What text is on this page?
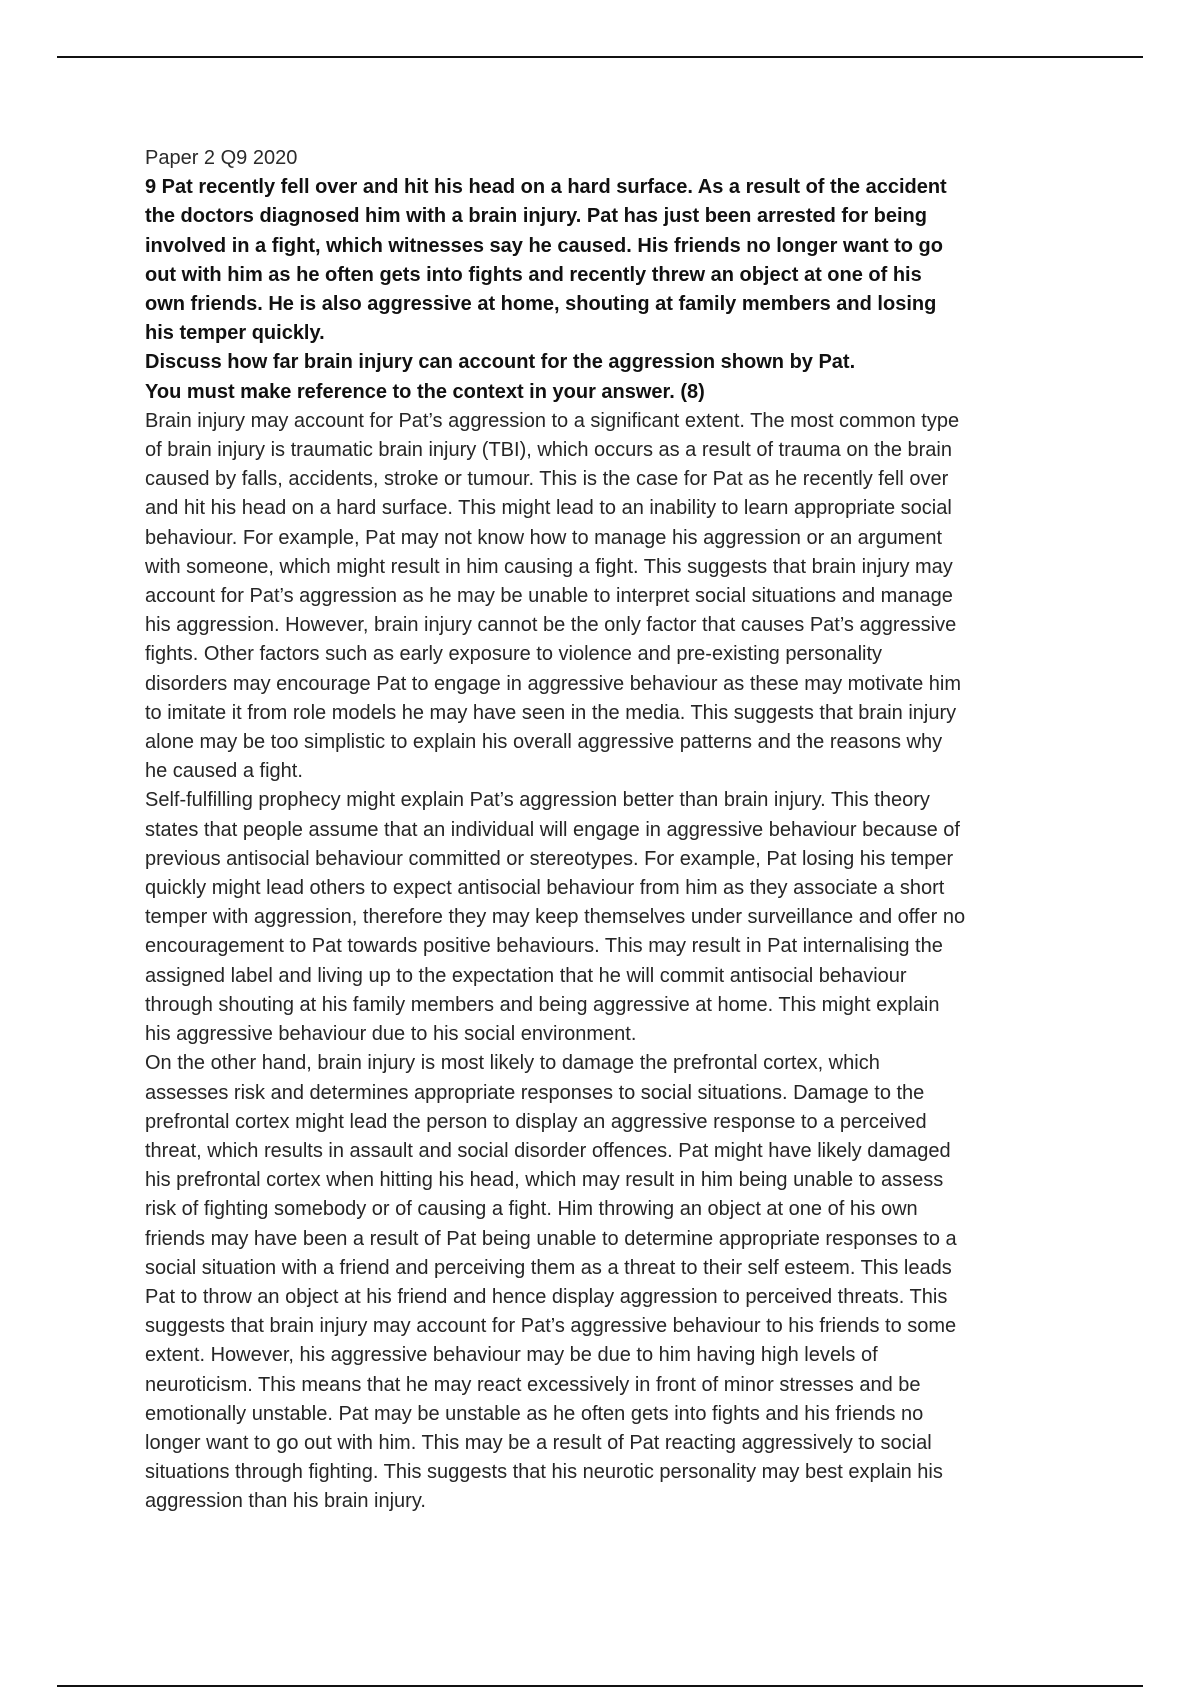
Paper 2 Q9 2020
9 Pat recently fell over and hit his head on a hard surface. As a result of the accident
the doctors diagnosed him with a brain injury. Pat has just been arrested for being
involved in a fight, which witnesses say he caused. His friends no longer want to go
out with him as he often gets into fights and recently threw an object at one of his
own friends. He is also aggressive at home, shouting at family members and losing
his temper quickly.
Discuss how far brain injury can account for the aggression shown by Pat.
You must make reference to the context in your answer. (8)
Brain injury may account for Pat’s aggression to a significant extent. The most common type
of brain injury is traumatic brain injury (TBI), which occurs as a result of trauma on the brain
caused by falls, accidents, stroke or tumour. This is the case for Pat as he recently fell over
and hit his head on a hard surface. This might lead to an inability to learn appropriate social
behaviour. For example, Pat may not know how to manage his aggression or an argument
with someone, which might result in him causing a fight. This suggests that brain injury may
account for Pat’s aggression as he may be unable to interpret social situations and manage
his aggression. However, brain injury cannot be the only factor that causes Pat’s aggressive
fights. Other factors such as early exposure to violence and pre-existing personality
disorders may encourage Pat to engage in aggressive behaviour as these may motivate him
to imitate it from role models he may have seen in the media. This suggests that brain injury
alone may be too simplistic to explain his overall aggressive patterns and the reasons why
he caused a fight.
Self-fulfilling prophecy might explain Pat’s aggression better than brain injury. This theory
states that people assume that an individual will engage in aggressive behaviour because of
previous antisocial behaviour committed or stereotypes. For example, Pat losing his temper
quickly might lead others to expect antisocial behaviour from him as they associate a short
temper with aggression, therefore they may keep themselves under surveillance and offer no
encouragement to Pat towards positive behaviours. This may result in Pat internalising the
assigned label and living up to the expectation that he will commit antisocial behaviour
through shouting at his family members and being aggressive at home. This might explain
his aggressive behaviour due to his social environment.
On the other hand, brain injury is most likely to damage the prefrontal cortex, which
assesses risk and determines appropriate responses to social situations. Damage to the
prefrontal cortex might lead the person to display an aggressive response to a perceived
threat, which results in assault and social disorder offences. Pat might have likely damaged
his prefrontal cortex when hitting his head, which may result in him being unable to assess
risk of fighting somebody or of causing a fight. Him throwing an object at one of his own
friends may have been a result of Pat being unable to determine appropriate responses to a
social situation with a friend and perceiving them as a threat to their self esteem. This leads
Pat to throw an object at his friend and hence display aggression to perceived threats. This
suggests that brain injury may account for Pat’s aggressive behaviour to his friends to some
extent. However, his aggressive behaviour may be due to him having high levels of
neuroticism. This means that he may react excessively in front of minor stresses and be
emotionally unstable. Pat may be unstable as he often gets into fights and his friends no
longer want to go out with him. This may be a result of Pat reacting aggressively to social
situations through fighting. This suggests that his neurotic personality may best explain his
aggression than his brain injury.
